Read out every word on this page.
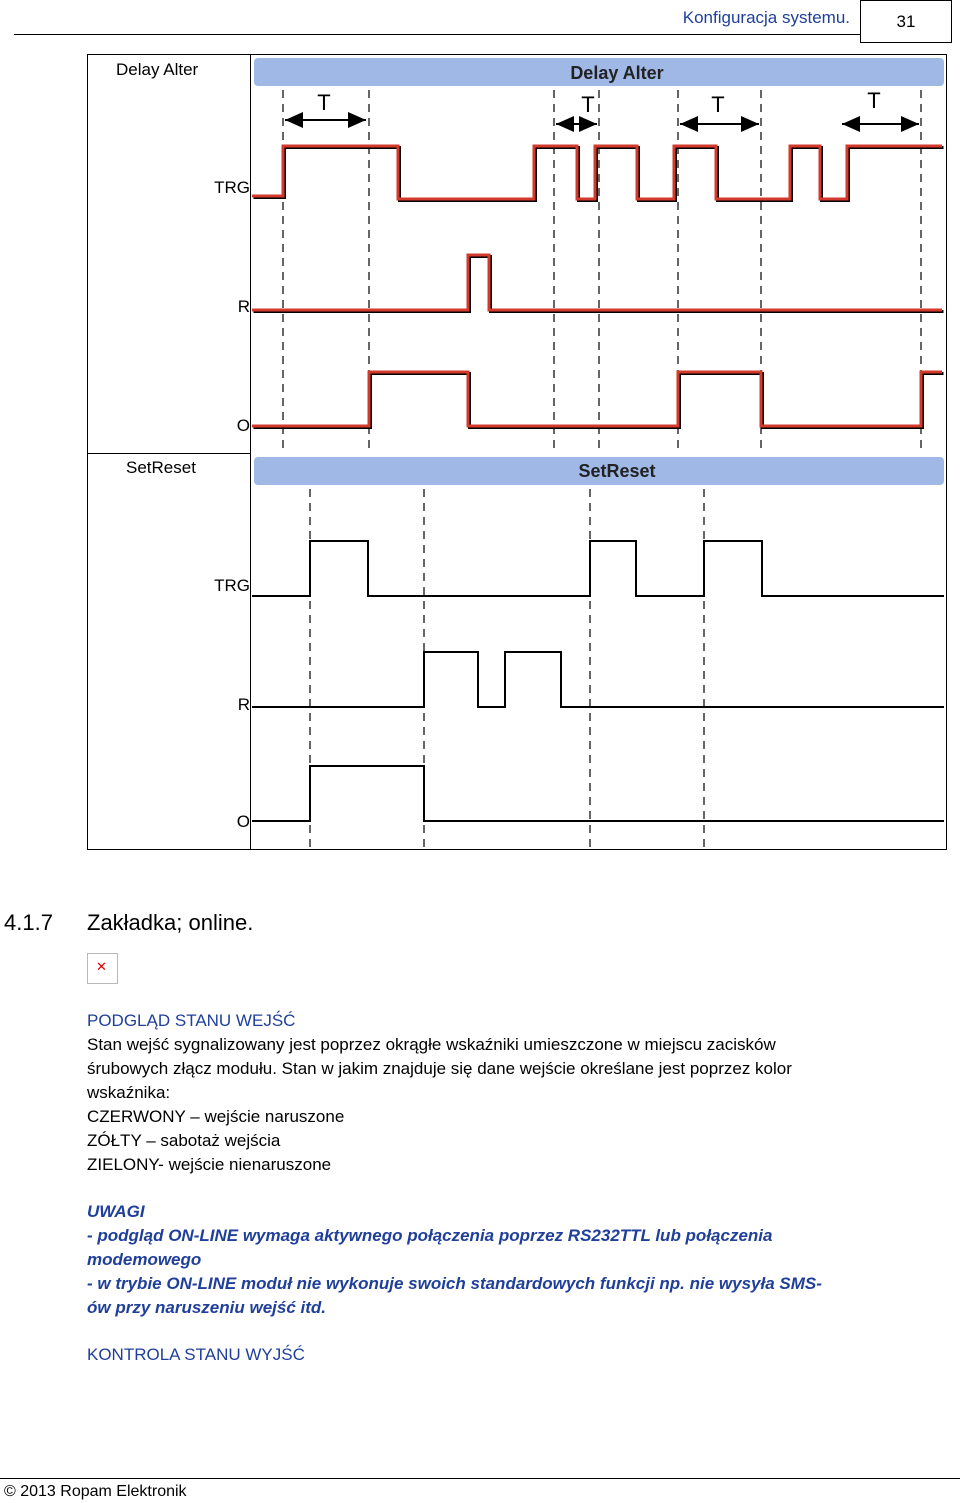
Konfiguracja systemu.	31
Delay Alter
TRG
R
O
SetReset
TRG
R
O
Delay Alter
T	T	T	T
SetReset
4.1.7 Zakładka; online.
✕
PODGLĄD STANU WEJŚĆ
Stan wejść sygnalizowany jest poprzez okrągłe wskaźniki umieszczone w miejscu zacisków
śrubowych złącz modułu. Stan w jakim znajduje się dane wejście określane jest poprzez kolor
wskaźnika:
CZERWONY – wejście naruszone
ZÓŁTY – sabotaż wejścia
ZIELONY- wejście nienaruszone
UWAGI
- podgląd ON-LINE wymaga aktywnego połączenia poprzez RS232TTL lub połączenia
modemowego
- w trybie ON-LINE moduł nie wykonuje swoich standardowych funkcji np. nie wysyła SMS-
ów przy naruszeniu wejść itd.
KONTROLA STANU WYJŚĆ
© 2013 Ropam Elektronik
